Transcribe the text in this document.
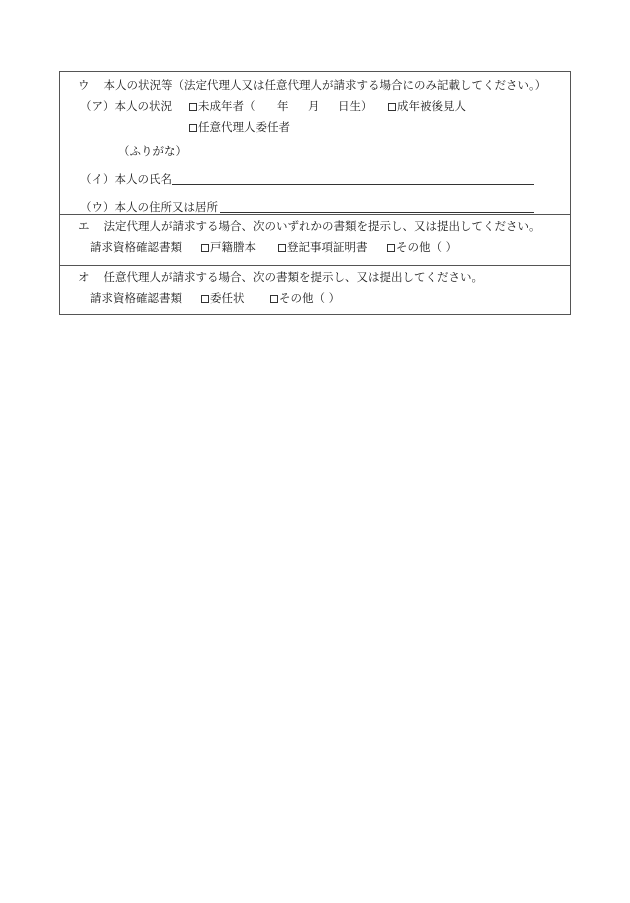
ウ 本人の状況等（法定代理人又は任意代理人が請求する場合にのみ記載してください。）
（ア）本人の状況	未成年者（ 年 月 日生）	成年被後見人
任意代理人委任者
（ふりがな）
（イ）本人の氏名
（ウ）本人の住所又は居所
エ 法定代理人が請求する場合、次のいずれかの書類を提示し、又は提出してください。
請求資格確認書類	戸籍謄本	登記事項証明書	その他（ ）
オ 任意代理人が請求する場合、次の書類を提示し、又は提出してください。
請求資格確認書類	委任状	その他（ ）
